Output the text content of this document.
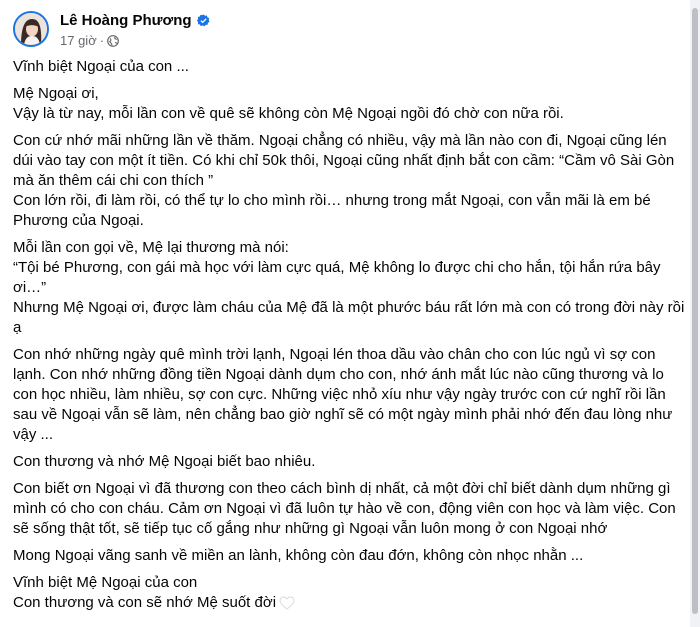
Lê Hoàng Phương
17 giờ ·
Vĩnh biệt Ngoại của con ...
Mệ Ngoại ơi,
Vậy là từ nay, mỗi lần con về quê sẽ không còn Mệ Ngoại ngồi đó chờ con nữa rồi.
Con cứ nhớ mãi những lần về thăm. Ngoại chẳng có nhiều, vậy mà lần nào con đi, Ngoại cũng lén dúi vào tay con một ít tiền. Có khi chỉ 50k thôi, Ngoại cũng nhất định bắt con cầm: “Cầm vô Sài Gòn mà ăn thêm cái chi con thích ”
Con lớn rồi, đi làm rồi, có thể tự lo cho mình rồi… nhưng trong mắt Ngoại, con vẫn mãi là em bé Phương của Ngoại.
Mỗi lần con gọi về, Mệ lại thương mà nói:
“Tội bé Phương, con gái mà học với làm cực quá, Mệ không lo được chi cho hắn, tội hắn rứa bây ơi…”
Nhưng Mệ Ngoại ơi, được làm cháu của Mệ đã là một phước báu rất lớn mà con có trong đời này rồi ạ
Con nhớ những ngày quê mình trời lạnh, Ngoại lén thoa dầu vào chân cho con lúc ngủ vì sợ con lạnh. Con nhớ những đồng tiền Ngoại dành dụm cho con, nhớ ánh mắt lúc nào cũng thương và lo con học nhiều, làm nhiều, sợ con cực. Những việc nhỏ xíu như vậy ngày trước con cứ nghĩ rồi lần sau về Ngoại vẫn sẽ làm, nên chẳng bao giờ nghĩ sẽ có một ngày mình phải nhớ đến đau lòng như vậy ...
Con thương và nhớ Mệ Ngoại biết bao nhiêu.
Con biết ơn Ngoại vì đã thương con theo cách bình dị nhất, cả một đời chỉ biết dành dụm những gì mình có cho con cháu. Cảm ơn Ngoại vì đã luôn tự hào về con, động viên con học và làm việc. Con sẽ sống thật tốt, sẽ tiếp tục cố gắng như những gì Ngoại vẫn luôn mong ở con Ngoại nhớ
Mong Ngoại vãng sanh về miền an lành, không còn đau đớn, không còn nhọc nhằn ...
Vĩnh biệt Mệ Ngoại của con
Con thương và con sẽ nhớ Mệ suốt đời
